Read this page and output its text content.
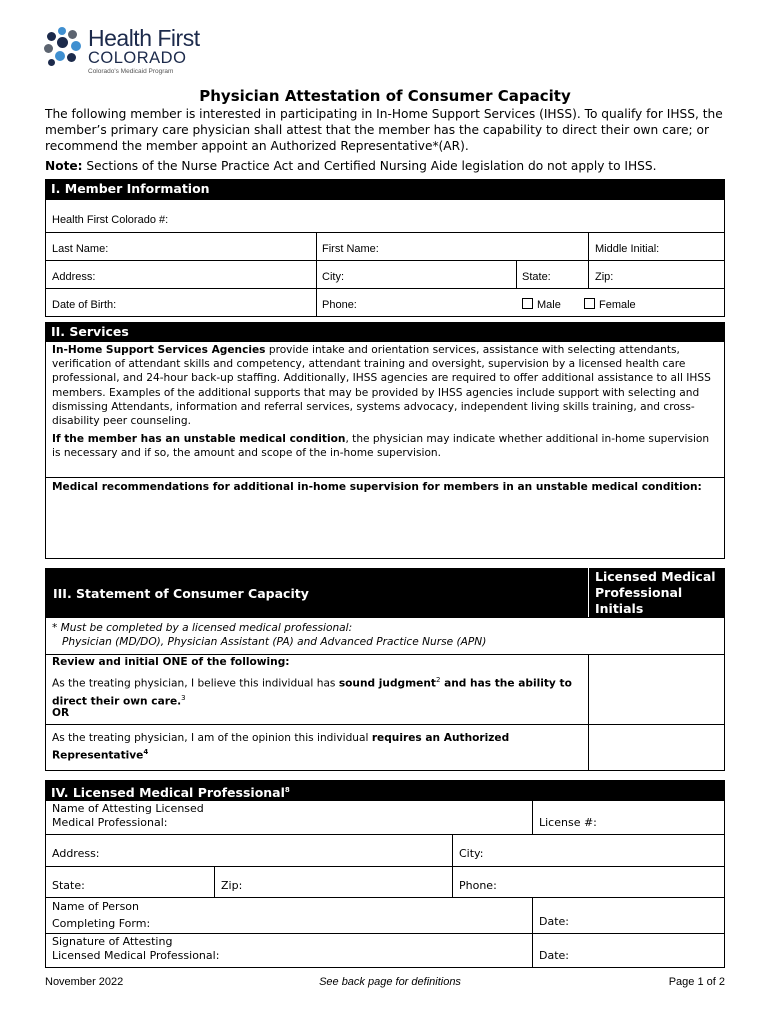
Health First
COLORADO
Colorado's Medicaid Program
Physician Attestation of Consumer Capacity
The following member is interested in participating in In-Home Support Services (IHSS). To qualify for IHSS, the member’s primary care physician shall attest that the member has the capability to direct their own care; or recommend the member appoint an Authorized Representative*(AR).
Note: Sections of the Nurse Practice Act and Certified Nursing Aide legislation do not apply to IHSS.
I. Member Information
Health First Colorado #:
Last Name:	First Name:	Middle Initial:
Address:	City:	State:	Zip:
Date of Birth:	Phone:	Male	Female
II. Services
In-Home Support Services Agencies provide intake and orientation services, assistance with selecting attendants, verification of attendant skills and competency, attendant training and oversight, supervision by a licensed health care professional, and 24-hour back-up staffing. Additionally, IHSS agencies are required to offer additional assistance to all IHSS members. Examples of the additional supports that may be provided by IHSS agencies include support with selecting and dismissing Attendants, information and referral services, systems advocacy, independent living skills training, and cross-disability peer counseling.
If the member has an unstable medical condition, the physician may indicate whether additional in-home supervision is necessary and if so, the amount and scope of the in-home supervision.
Medical recommendations for additional in-home supervision for members in an unstable medical condition:
III. Statement of Consumer Capacity
Licensed Medical Professional Initials
* Must be completed by a licensed medical professional:
Physician (MD/DO), Physician Assistant (PA) and Advanced Practice Nurse (APN)
Review and initial ONE of the following:
As the treating physician, I believe this individual has sound judgment$^2$ and has the ability to direct their own care.$^3$
OR
As the treating physician, I am of the opinion this individual requires an Authorized Representative$^4$
IV. Licensed Medical Professional$^8$
Name of Attesting Licensed
Medical Professional:	License #:
Address:	City:
State:	Zip:	Phone:
Name of Person
Completing Form:	Date:
Signature of Attesting
Licensed Medical Professional:	Date:
November 2022	See back page for definitions	Page 1 of 2
